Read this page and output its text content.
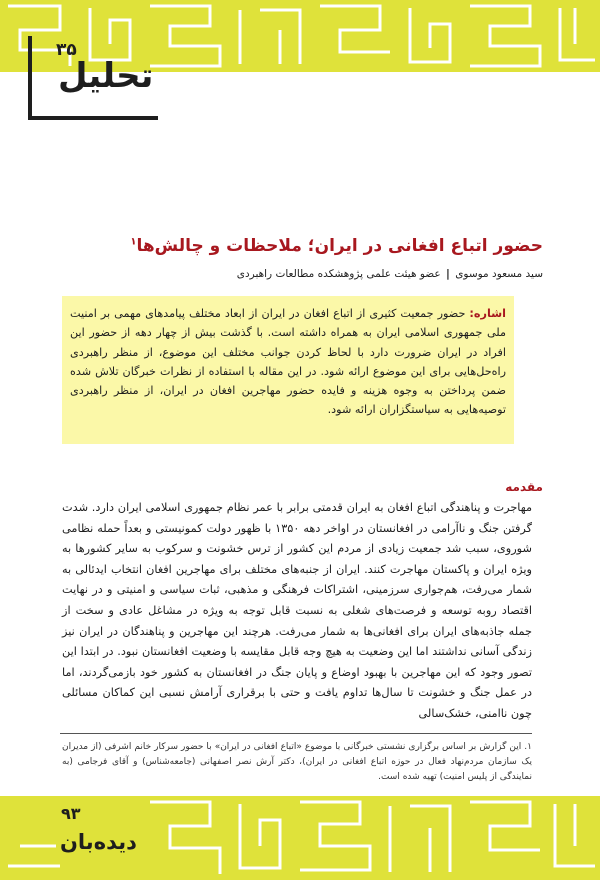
۳۵
تحلیل
حضور اتباع افغانی در ایران؛ ملاحظات و چالش‌ها$^۱$
سید مسعود موسوی | عضو هیئت علمی پژوهشکده مطالعات راهبردی
اشاره: حضور جمعیت کثیری از اتباع افغان در ایران از ابعاد مختلف پیامدهای مهمی بر امنیت ملی جمهوری اسلامی ایران به همراه داشته است. با گذشت بیش از چهار دهه از حضور این افراد در ایران ضرورت دارد با لحاظ کردن جوانب مختلف این موضوع، از منظر راهبردی راه‌حل‌هایی برای این موضوع ارائه شود. در این مقاله با استفاده از نظرات خبرگان تلاش شده ضمن پرداختن به وجوه هزینه و فایده حضور مهاجرین افغان در ایران، از منظر راهبردی توصیه‌هایی به سیاستگزاران ارائه شود.
مقدمه
مهاجرت و پناهندگی اتباع افغان به ایران قدمتی برابر با عمر نظام جمهوری اسلامی ایران دارد. شدت گرفتن جنگ و ناآرامی در افغانستان در اواخر دهه ۱۳۵۰ با ظهور دولت کمونیستی و بعداً حمله نظامی شوروی، سبب شد جمعیت زیادی از مردم این کشور از ترس خشونت و سرکوب به سایر کشورها به ویژه ایران و پاکستان مهاجرت کنند. ایران از جنبه‌های مختلف برای مهاجرین افغان انتخاب ایدئالی به شمار می‌رفت، هم‌جواری سرزمینی، اشتراکات فرهنگی و مذهبی، ثبات سیاسی و امنیتی و در نهایت اقتصاد روبه توسعه و فرصت‌های شغلی به نسبت قابل توجه به ویژه در مشاغل عادی و سخت از جمله جاذبه‌های ایران برای افغانی‌ها به شمار می‌رفت. هرچند این مهاجرین و پناهندگان در ایران نیز زندگی آسانی نداشتند اما این وضعیت به هیچ وجه قابل مقایسه با وضعیت افغانستان نبود. در ابتدا این تصور وجود که این مهاجرین با بهبود اوضاع و پایان جنگ در افغانستان به کشور خود بازمی‌گردند، اما در عمل جنگ و خشونت تا سال‌ها تداوم یافت و حتی با برقراری آرامش نسبی این کماکان مسائلی چون ناامنی، خشک‌سالی

۱. این گزارش بر اساس برگزاری نشستی خبرگانی با موضوع «اتباع افغانی در ایران» با حضور سرکار خانم اشرفی (از مدیران یک سازمان مردم‌نهاد فعال در حوزه اتباع افغانی در ایران)، دکتر آرش نصر اصفهانی (جامعه‌شناس) و آقای فرجامی (به نمایندگی از پلیس امنیت) تهیه شده است.

۹۳
دیده‌بان
